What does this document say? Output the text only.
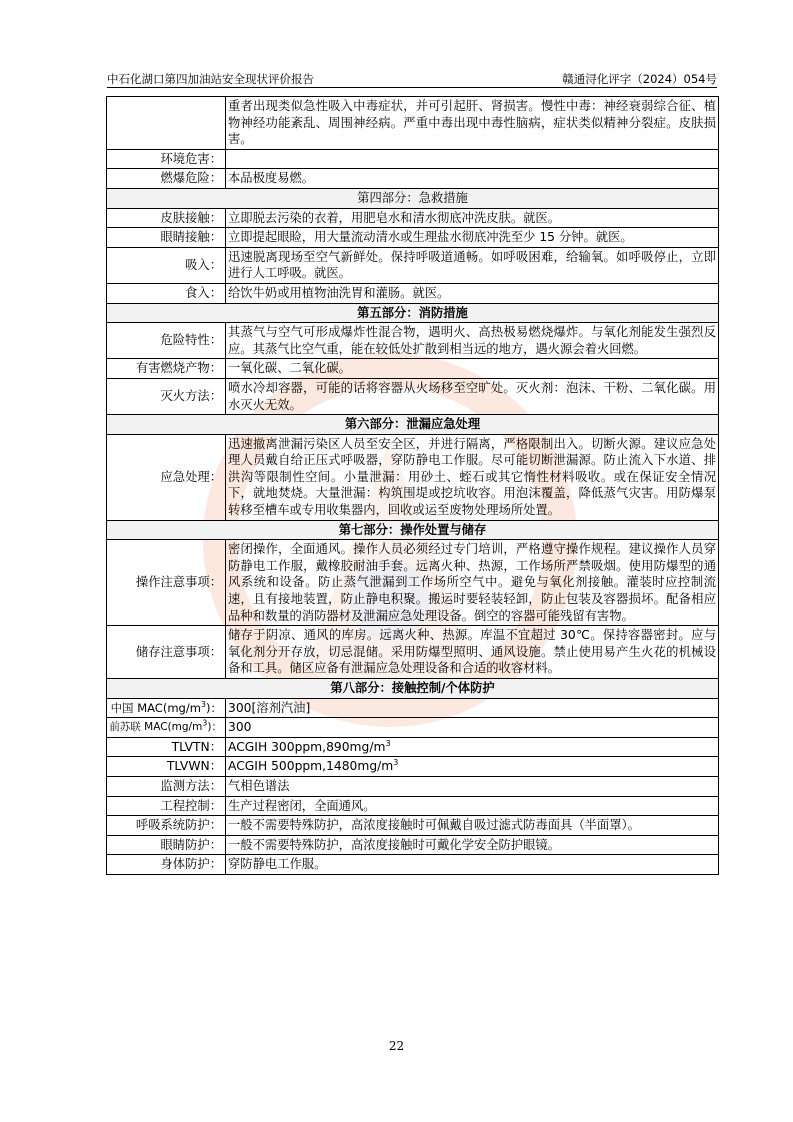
中石化湖口第四加油站安全现状评价报告	赣通浔化评字（2024）054号
	重者出现类似急性吸入中毒症状，并可引起肝、肾损害。慢性中毒：神经衰弱综合征、植物神经功能紊乱、周围神经病。严重中毒出现中毒性脑病，症状类似精神分裂症。皮肤损害。
环境危害：	
燃爆危险：	本品极度易燃。
第四部分：急救措施	
皮肤接触：	立即脱去污染的衣着，用肥皂水和清水彻底冲洗皮肤。就医。
眼睛接触：	立即提起眼睑，用大量流动清水或生理盐水彻底冲洗至少 15 分钟。就医。
吸入：	迅速脱离现场至空气新鲜处。保持呼吸道通畅。如呼吸困难，给输氧。如呼吸停止，立即进行人工呼吸。就医。
食入：	给饮牛奶或用植物油洗胃和灌肠。就医。
第五部分：消防措施	
危险特性：	其蒸气与空气可形成爆炸性混合物，遇明火、高热极易燃烧爆炸。与氧化剂能发生强烈反应。其蒸气比空气重，能在较低处扩散到相当远的地方，遇火源会着火回燃。
有害燃烧产物：	一氧化碳、二氧化碳。
灭火方法：	喷水冷却容器，可能的话将容器从火场移至空旷处。灭火剂：泡沫、干粉、二氧化碳。用水灭火无效。
第六部分：泄漏应急处理	
应急处理：	迅速撤离泄漏污染区人员至安全区，并进行隔离，严格限制出入。切断火源。建议应急处理人员戴自给正压式呼吸器，穿防静电工作服。尽可能切断泄漏源。防止流入下水道、排洪沟等限制性空间。小量泄漏：用砂土、蛭石或其它惰性材料吸收。或在保证安全情况下，就地焚烧。大量泄漏：构筑围堤或挖坑收容。用泡沫覆盖，降低蒸气灾害。用防爆泵转移至槽车或专用收集器内，回收或运至废物处理场所处置。
第七部分：操作处置与储存	
操作注意事项：	密闭操作，全面通风。操作人员必须经过专门培训，严格遵守操作规程。建议操作人员穿防静电工作服，戴橡胶耐油手套。远离火种、热源，工作场所严禁吸烟。使用防爆型的通风系统和设备。防止蒸气泄漏到工作场所空气中。避免与氧化剂接触。灌装时应控制流速，且有接地装置，防止静电积聚。搬运时要轻装轻卸，防止包装及容器损坏。配备相应品种和数量的消防器材及泄漏应急处理设备。倒空的容器可能残留有害物。
储存注意事项：	储存于阴凉、通风的库房。远离火种、热源。库温不宜超过 30℃。保持容器密封。应与氧化剂分开存放，切忌混储。采用防爆型照明、通风设施。禁止使用易产生火花的机械设备和工具。储区应备有泄漏应急处理设备和合适的收容材料。
第八部分：接触控制/个体防护	
中国 $MAC(mg/m^3)$：	300[溶剂汽油]
前苏联 $MAC(mg/m^3)$：	300
TLVTN：	ACGIH $300ppm,890mg/m^3$
TLVWN：	ACGIH $500ppm,1480mg/m^3$
监测方法：	气相色谱法
工程控制：	生产过程密闭，全面通风。
呼吸系统防护：	一般不需要特殊防护，高浓度接触时可佩戴自吸过滤式防毒面具（半面罩）。
眼睛防护：	一般不需要特殊防护，高浓度接触时可戴化学安全防护眼镜。
身体防护：	穿防静电工作服。
22
